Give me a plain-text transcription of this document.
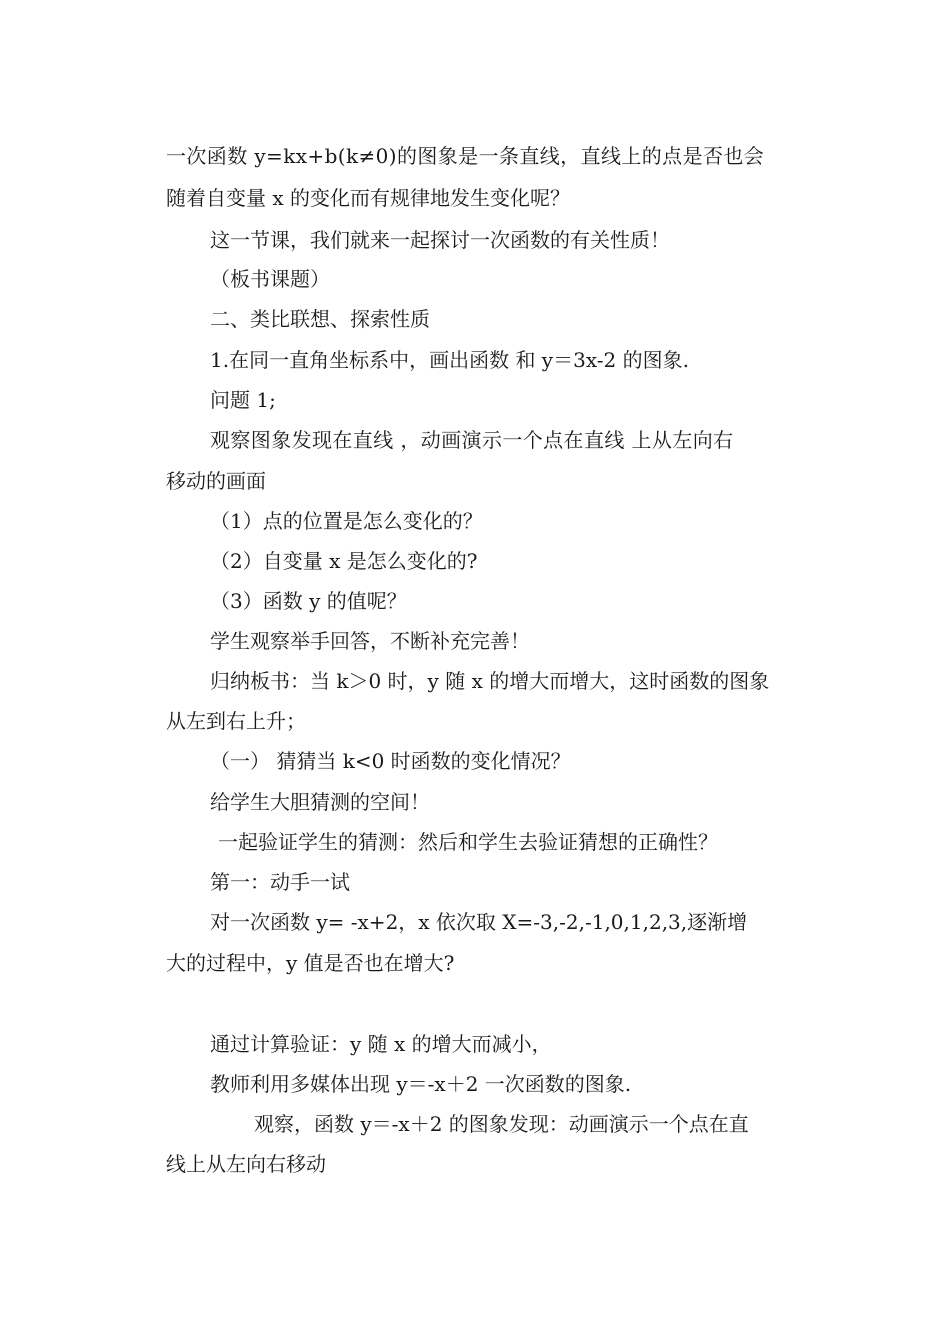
一次函数 y=kx+b(k≠0)的图象是一条直线，直线上的点是否也会
随着自变量 x 的变化而有规律地发生变化呢？
这一节课，我们就来一起探讨一次函数的有关性质！
（板书课题）
二、类比联想、探索性质
1.在同一直角坐标系中，画出函数 和 y＝3x-2 的图象.
问题 1;
观察图象发现在直线 ，动画演示一个点在直线 上从左向右
移动的画面
（1）点的位置是怎么变化的？
（2）自变量 x 是怎么变化的?
（3）函数 y 的值呢？
学生观察举手回答，不断补充完善！
归纳板书：当 k＞0 时，y 随 x 的增大而增大，这时函数的图象
从左到右上升；
（一） 猜猜当 k<0 时函数的变化情况？
给学生大胆猜测的空间！
一起验证学生的猜测：然后和学生去验证猜想的正确性？
第一：动手一试
对一次函数 y= -x+2，x 依次取 X=-3,-2,-1,0,1,2,3,逐渐增
大的过程中，y 值是否也在增大?
通过计算验证：y 随 x 的增大而减小，
教师利用多媒体出现 y＝-x＋2 一次函数的图象.
观察，函数 y＝-x＋2 的图象发现：动画演示一个点在直
线上从左向右移动
